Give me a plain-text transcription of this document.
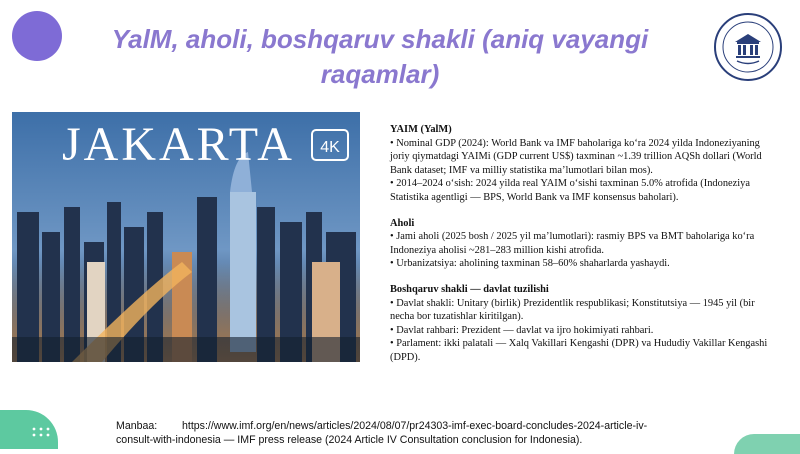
YalM, aholi, boshqaruv shakli (aniq vayangi raqamlar)
JAKARTA 4K

YAIM (YalM)

• Nominal GDP (2024): World Bank va IMF baholariga ko‘ra 2024 yilda Indoneziyaning joriy qiymatdagi YAIMi (GDP current US$) taxminan ~1.39 trillion AQSh dollari (World Bank dataset; IMF va milliy statistika ma’lumotlari bilan mos).

• 2014–2024 o‘sish: 2024 yilda real YAIM o‘sishi taxminan 5.0% atrofida (Indoneziya Statistika agentligi — BPS, World Bank va IMF konsensus baholari).

Aholi

• Jami aholi (2025 bosh / 2025 yil ma’lumotlari): rasmiy BPS va BMT baholariga ko‘ra Indoneziya aholisi ~281–283 million kishi atrofida.

• Urbanizatsiya: aholining taxminan 58–60% shaharlarda yashaydi.

Boshqaruv shakli — davlat tuzilishi

• Davlat shakli: Unitary (birlik) Prezidentlik respublikasi; Konstitutsiya — 1945 yil (bir necha bor tuzatishlar kiritilgan).

• Davlat rahbari: Prezident — davlat va ijro hokimiyati rahbari.

• Parlament: ikki palatali — Xalq Vakillari Kengashi (DPR) va Hududiy Vakillar Kengashi (DPD).

Manbaa: https://www.imf.org/en/news/articles/2024/08/07/pr24303-imf-exec-board-concludes-2024-article-iv-
consult-with-indonesia — IMF press release (2024 Article IV Consultation conclusion for Indonesia).
